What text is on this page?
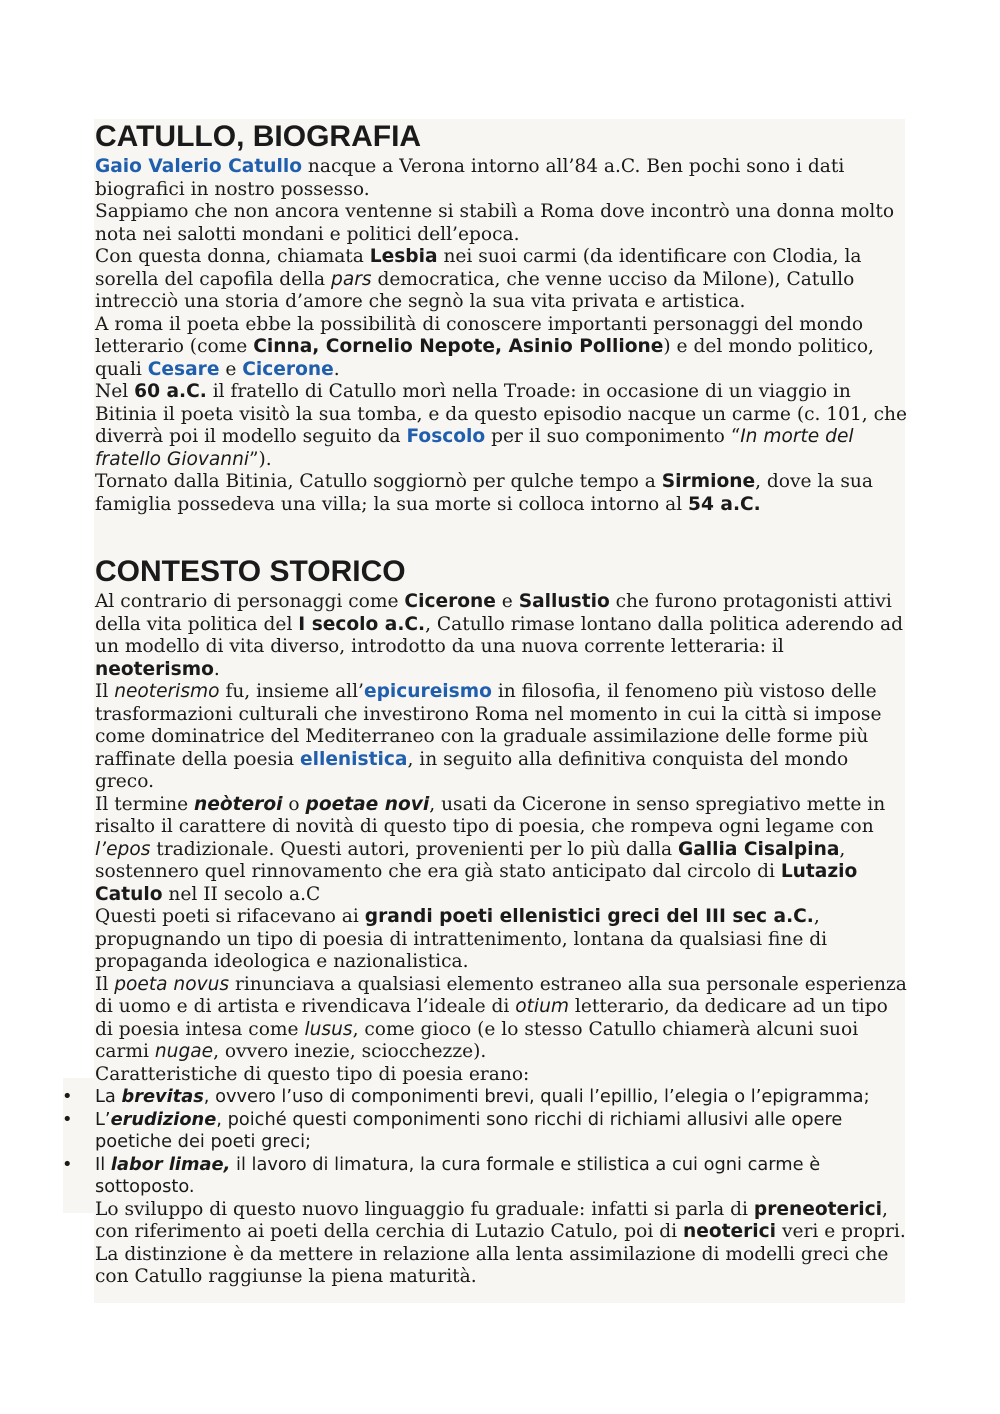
CATULLO, BIOGRAFIA

Gaio Valerio Catullo nacque a Verona intorno all’84 a.C. Ben pochi sono i dati biografici in nostro possesso.

Sappiamo che non ancora ventenne si stabilì a Roma dove incontrò una donna molto nota nei salotti mondani e politici dell’epoca.

Con questa donna, chiamata Lesbia nei suoi carmi (da identificare con Clodia, la sorella del capofila della pars democratica, che venne ucciso da Milone), Catullo intrecciò una storia d’amore che segnò la sua vita privata e artistica.

A roma il poeta ebbe la possibilità di conoscere importanti personaggi del mondo letterario (come Cinna, Cornelio Nepote, Asinio Pollione) e del mondo politico, quali Cesare e Cicerone.

Nel 60 a.C. il fratello di Catullo morì nella Troade: in occasione di un viaggio in Bitinia il poeta visitò la sua tomba, e da questo episodio nacque un carme (c. 101, che diverrà poi il modello seguito da Foscolo per il suo componimento “In morte del fratello Giovanni”).

Tornato dalla Bitinia, Catullo soggiornò per qulche tempo a Sirmione, dove la sua famiglia possedeva una villa; la sua morte si colloca intorno al 54 a.C.

CONTESTO STORICO

Al contrario di personaggi come Cicerone e Sallustio che furono protagonisti attivi della vita politica del I secolo a.C., Catullo rimase lontano dalla politica aderendo ad un modello di vita diverso, introdotto da una nuova corrente letteraria: il neoterismo.

Il neoterismo fu, insieme all’epicureismo in filosofia, il fenomeno più vistoso delle trasformazioni culturali che investirono Roma nel momento in cui la città si impose come dominatrice del Mediterraneo con la graduale assimilazione delle forme più raffinate della poesia ellenistica, in seguito alla definitiva conquista del mondo greco.

Il termine neòteroi o poetae novi, usati da Cicerone in senso spregiativo mette in risalto il carattere di novità di questo tipo di poesia, che rompeva ogni legame con l’epos tradizionale. Questi autori, provenienti per lo più dalla Gallia Cisalpina, sostennero quel rinnovamento che era già stato anticipato dal circolo di Lutazio Catulo nel II secolo a.C

Questi poeti si rifacevano ai grandi poeti ellenistici greci del III sec a.C., propugnando un tipo di poesia di intrattenimento, lontana da qualsiasi fine di propaganda ideologica e nazionalistica.

Il poeta novus rinunciava a qualsiasi elemento estraneo alla sua personale esperienza di uomo e di artista e rivendicava l’ideale di otium letterario, da dedicare ad un tipo di poesia intesa come lusus, come gioco (e lo stesso Catullo chiamerà alcuni suoi carmi nugae, ovvero inezie, sciocchezze).

Caratteristiche di questo tipo di poesia erano:

• La brevitas, ovvero l’uso di componimenti brevi, quali l’epillio, l’elegia o l’epigramma;
• L’erudizione, poiché questi componimenti sono ricchi di richiami allusivi alle opere poetiche dei poeti greci;
• Il labor limae, il lavoro di limatura, la cura formale e stilistica a cui ogni carme è sottoposto.

Lo sviluppo di questo nuovo linguaggio fu graduale: infatti si parla di preneoterici, con riferimento ai poeti della cerchia di Lutazio Catulo, poi di neoterici veri e propri. La distinzione è da mettere in relazione alla lenta assimilazione di modelli greci che con Catullo raggiunse la piena maturità.
